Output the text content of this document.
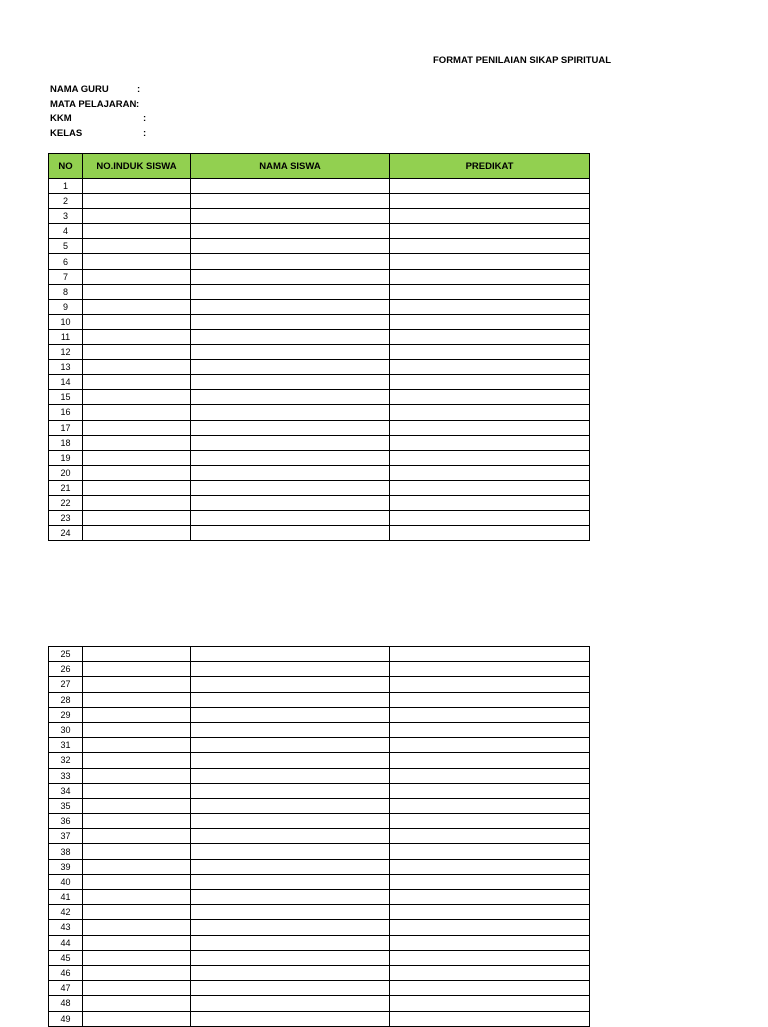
FORMAT PENILAIAN SIKAP SPIRITUAL
NAMA GURU	:
MATA PELAJARAN :
KKM	:
KELAS	:
NO	NO.INDUK SISWA	NAMA SISWA	PREDIKAT
1			
2			
3			
4			
5			
6			
7			
8			
9			
10			
11			
12			
13			
14			
15			
16			
17			
18			
19			
20			
21			
22			
23			
24			
25			
26			
27			
28			
29			
30			
31			
32			
33			
34			
35			
36			
37			
38			
39			
40			
41			
42			
43			
44			
45			
46			
47			
48			
49			
